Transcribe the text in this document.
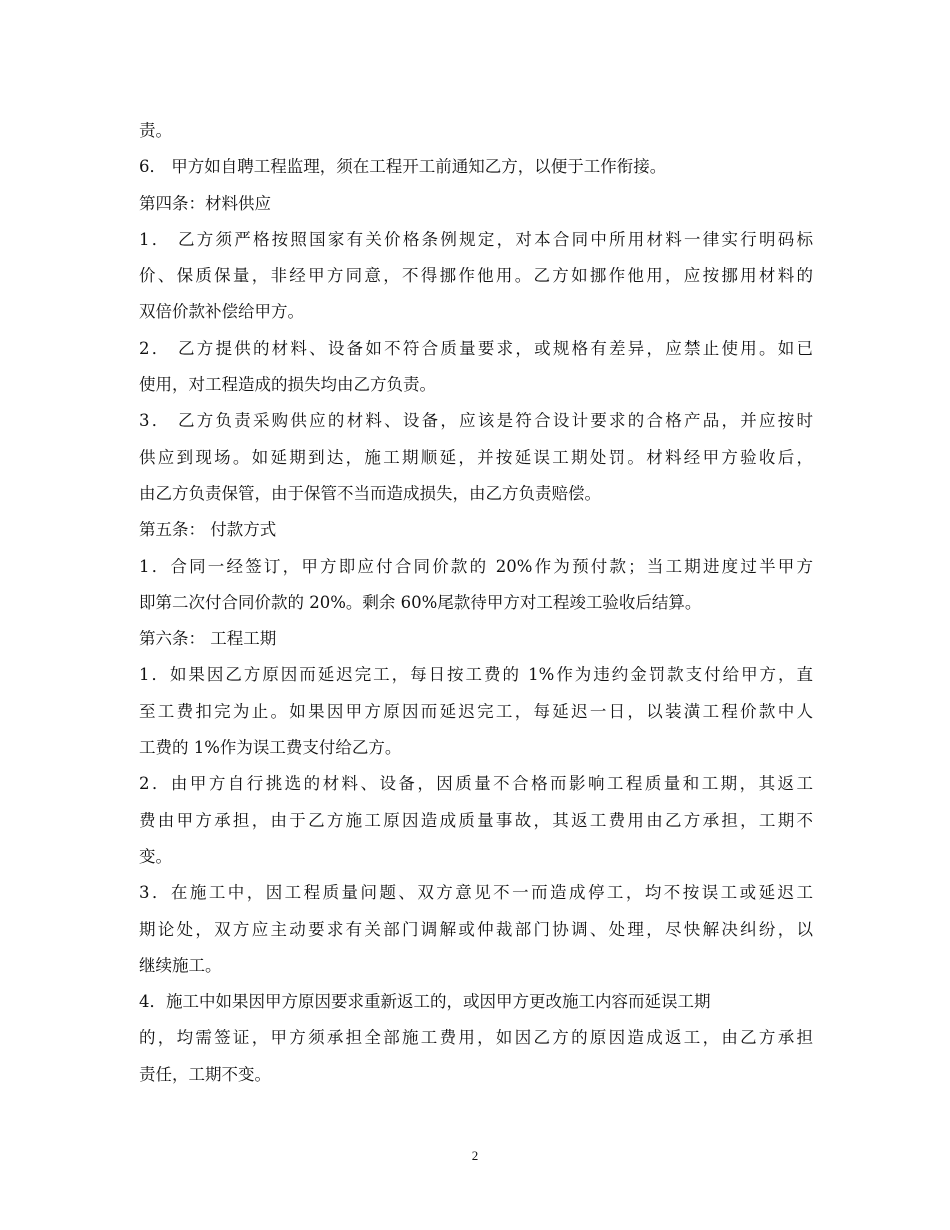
责。
6． 甲方如自聘工程监理，须在工程开工前通知乙方，以便于工作衔接。
第四条：材料供应
1． 乙方须严格按照国家有关价格条例规定，对本合同中所用材料一律实行明码标
价、保质保量，非经甲方同意，不得挪作他用。乙方如挪作他用，应按挪用材料的
双倍价款补偿给甲方。
2． 乙方提供的材料、设备如不符合质量要求，或规格有差异，应禁止使用。如已
使用，对工程造成的损失均由乙方负责。
3． 乙方负责采购供应的材料、设备，应该是符合设计要求的合格产品，并应按时
供应到现场。如延期到达，施工期顺延，并按延误工期处罚。材料经甲方验收后，
由乙方负责保管，由于保管不当而造成损失，由乙方负责赔偿。
第五条： 付款方式
1．合同一经签订，甲方即应付合同价款的 20%作为预付款；当工期进度过半甲方
即第二次付合同价款的 20%。剩余 60%尾款待甲方对工程竣工验收后结算。
第六条： 工程工期
1．如果因乙方原因而延迟完工，每日按工费的 1%作为违约金罚款支付给甲方，直
至工费扣完为止。如果因甲方原因而延迟完工，每延迟一日，以装潢工程价款中人
工费的 1%作为误工费支付给乙方。
2．由甲方自行挑选的材料、设备，因质量不合格而影响工程质量和工期，其返工
费由甲方承担，由于乙方施工原因造成质量事故，其返工费用由乙方承担，工期不
变。
3．在施工中，因工程质量问题、双方意见不一而造成停工，均不按误工或延迟工
期论处，双方应主动要求有关部门调解或仲裁部门协调、处理，尽快解决纠纷，以
继续施工。
4．施工中如果因甲方原因要求重新返工的，或因甲方更改施工内容而延误工期
的，均需签证，甲方须承担全部施工费用，如因乙方的原因造成返工，由乙方承担
责任，工期不变。
2
